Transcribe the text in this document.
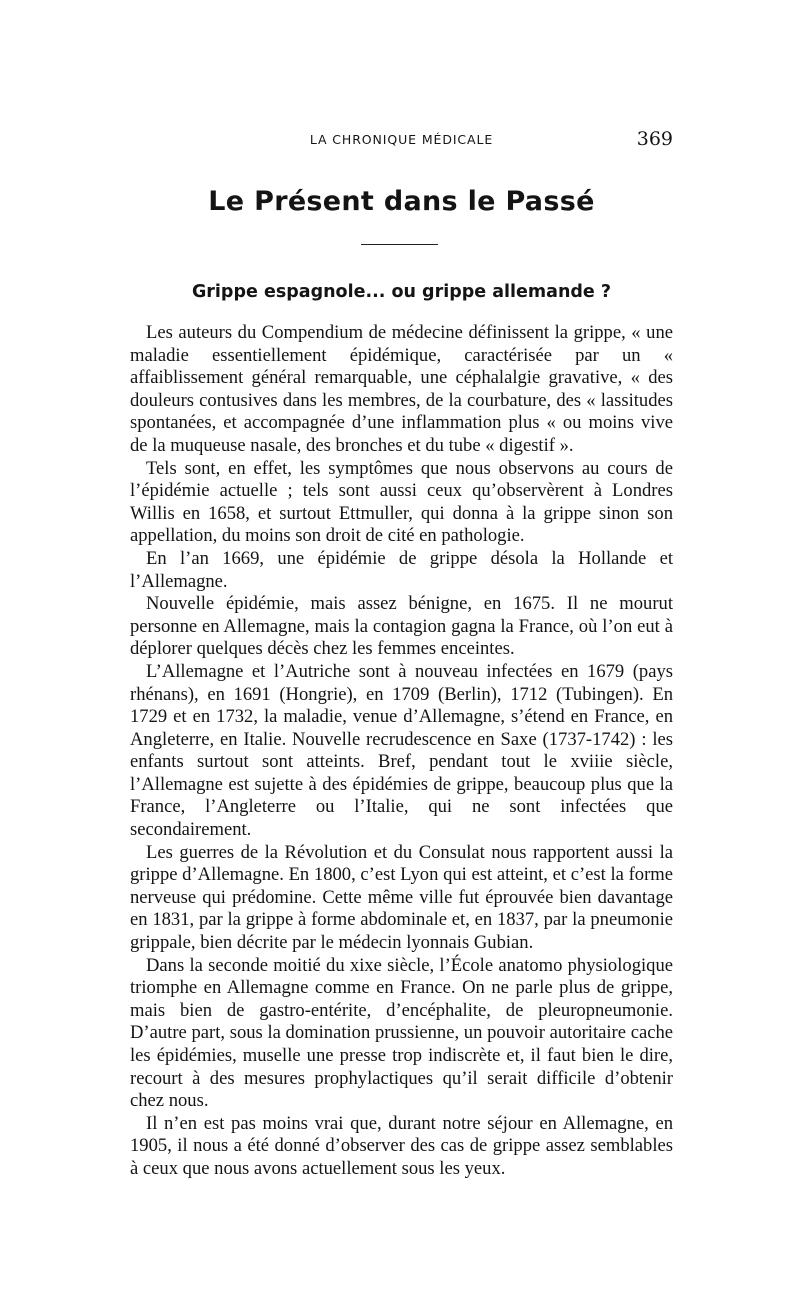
LA CHRONIQUE MÉDICALE	369
Le Présent dans le Passé
Grippe espagnole... ou grippe allemande ?

Les auteurs du Compendium de médecine définissent la grippe, « une maladie essentiellement épidémique, caractérisée par un « affaiblissement général remarquable, une céphalalgie gravative, « des douleurs contusives dans les membres, de la courbature, des « lassitudes spontanées, et accompagnée d’une inflammation plus « ou moins vive de la muqueuse nasale, des bronches et du tube « digestif ».

Tels sont, en effet, les symptômes que nous observons au cours de l’épidémie actuelle ; tels sont aussi ceux qu’observèrent à Londres Willis en 1658, et surtout Ettmuller, qui donna à la grippe sinon son appellation, du moins son droit de cité en pathologie.

En l’an 1669, une épidémie de grippe désola la Hollande et l’Allemagne.

Nouvelle épidémie, mais assez bénigne, en 1675. Il ne mourut personne en Allemagne, mais la contagion gagna la France, où l’on eut à déplorer quelques décès chez les femmes enceintes.

L’Allemagne et l’Autriche sont à nouveau infectées en 1679 (pays rhénans), en 1691 (Hongrie), en 1709 (Berlin), 1712 (Tubingen). En 1729 et en 1732, la maladie, venue d’Allemagne, s’étend en France, en Angleterre, en Italie. Nouvelle recrudescence en Saxe (1737-1742) : les enfants surtout sont atteints. Bref, pendant tout le xviiie siècle, l’Allemagne est sujette à des épidémies de grippe, beaucoup plus que la France, l’Angleterre ou l’Italie, qui ne sont infectées que secondairement.

Les guerres de la Révolution et du Consulat nous rapportent aussi la grippe d’Allemagne. En 1800, c’est Lyon qui est atteint, et c’est la forme nerveuse qui prédomine. Cette même ville fut éprouvée bien davantage en 1831, par la grippe à forme abdominale et, en 1837, par la pneumonie grippale, bien décrite par le médecin lyonnais Gubian.

Dans la seconde moitié du xixe siècle, l’École anatomo physiologique triomphe en Allemagne comme en France. On ne parle plus de grippe, mais bien de gastro-entérite, d’encéphalite, de pleuropneumonie. D’autre part, sous la domination prussienne, un pouvoir autoritaire cache les épidémies, muselle une presse trop indiscrète et, il faut bien le dire, recourt à des mesures prophylactiques qu’il serait difficile d’obtenir chez nous.

Il n’en est pas moins vrai que, durant notre séjour en Allemagne, en 1905, il nous a été donné d’observer des cas de grippe assez semblables à ceux que nous avons actuellement sous les yeux.
